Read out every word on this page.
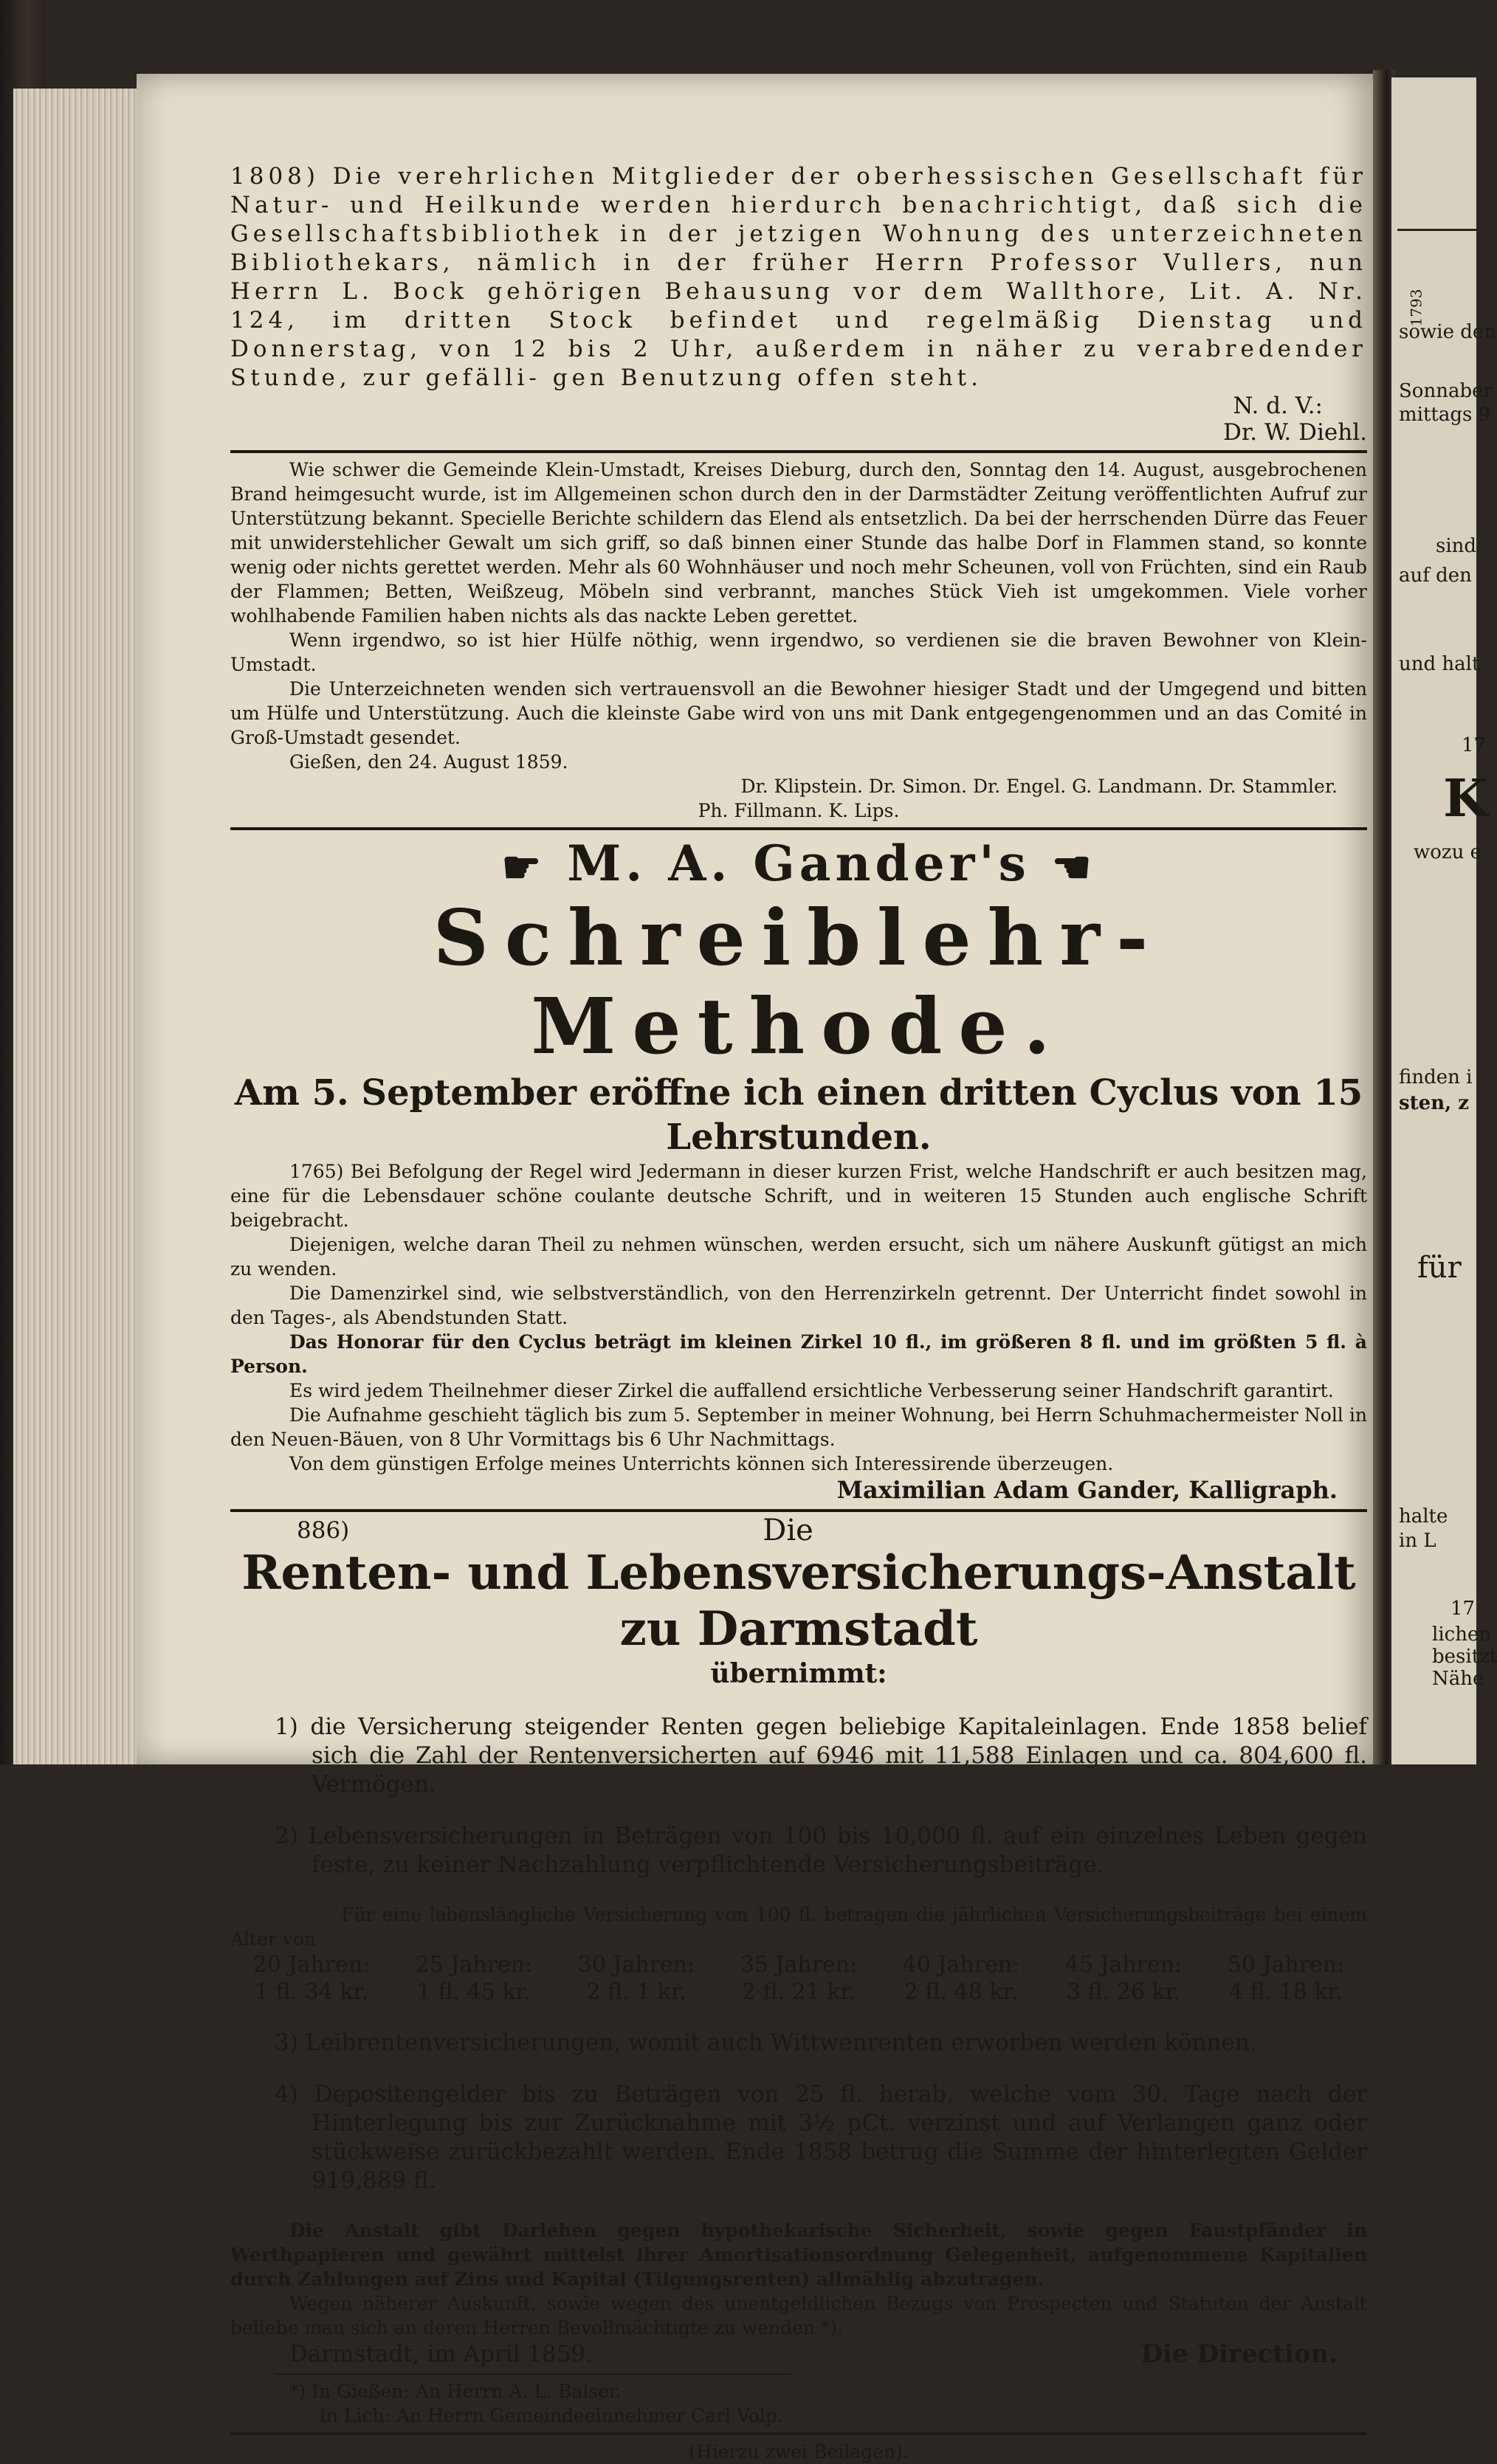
1793
sowie den
Sonnaber
mittags 9
sind
auf den
und halt
17
K
wozu e
finden i
sten, z
für
halte
in L
17
lichen
besitzt
Nähe

1808) Die verehrlichen Mitglieder der oberhessischen Gesellschaft für Natur- und Heilkunde werden hierdurch benachrichtigt, daß sich die Gesellschaftsbibliothek in der jetzigen Wohnung des unterzeichneten Bibliothekars, nämlich in der früher Herrn Professor Vullers, nun Herrn L. Bock gehörigen Behausung vor dem Wallthore, Lit. A. Nr. 124, im dritten Stock befindet und regelmäßig Dienstag und Donnerstag, von 12 bis 2 Uhr, außerdem in näher zu verabredender Stunde, zur gefälli- gen Benutzung offen steht.

N. d. V.:
Dr. W. Diehl.

Wie schwer die Gemeinde Klein-Umstadt, Kreises Dieburg, durch den, Sonntag den 14. August, ausgebrochenen Brand heimgesucht wurde, ist im Allgemeinen schon durch den in der Darmstädter Zeitung veröffentlichten Aufruf zur Unterstützung bekannt. Specielle Berichte schildern das Elend als entsetzlich. Da bei der herrschenden Dürre das Feuer mit unwiderstehlicher Gewalt um sich griff, so daß binnen einer Stunde das halbe Dorf in Flammen stand, so konnte wenig oder nichts gerettet werden. Mehr als 60 Wohnhäuser und noch mehr Scheunen, voll von Früchten, sind ein Raub der Flammen; Betten, Weißzeug, Möbeln sind verbrannt, manches Stück Vieh ist umgekommen. Viele vorher wohlhabende Familien haben nichts als das nackte Leben gerettet.

Wenn irgendwo, so ist hier Hülfe nöthig, wenn irgendwo, so verdienen sie die braven Bewohner von Klein-Umstadt.

Die Unterzeichneten wenden sich vertrauensvoll an die Bewohner hiesiger Stadt und der Umgegend und bitten um Hülfe und Unterstützung. Auch die kleinste Gabe wird von uns mit Dank entgegengenommen und an das Comité in Groß-Umstadt gesendet.

Gießen, den 24. August 1859.

Dr. Klipstein. Dr. Simon. Dr. Engel. G. Landmann. Dr. Stammler.

Ph. Fillmann. K. Lips.

☛ M. A. Gander's ☚
Schreiblehr-Methode.
Am 5. September eröffne ich einen dritten Cyclus von 15 Lehrstunden.

1765) Bei Befolgung der Regel wird Jedermann in dieser kurzen Frist, welche Handschrift er auch besitzen mag, eine für die Lebensdauer schöne coulante deutsche Schrift, und in weiteren 15 Stunden auch englische Schrift beigebracht.

Diejenigen, welche daran Theil zu nehmen wünschen, werden ersucht, sich um nähere Auskunft gütigst an mich zu wenden.

Die Damenzirkel sind, wie selbstverständlich, von den Herrenzirkeln getrennt. Der Unterricht findet sowohl in den Tages-, als Abendstunden Statt.

Das Honorar für den Cyclus beträgt im kleinen Zirkel 10 fl., im größeren 8 fl. und im größten 5 fl. à Person.

Es wird jedem Theilnehmer dieser Zirkel die auffallend ersichtliche Verbesserung seiner Handschrift garantirt.

Die Aufnahme geschieht täglich bis zum 5. September in meiner Wohnung, bei Herrn Schuhmachermeister Noll in den Neuen-Bäuen, von 8 Uhr Vormittags bis 6 Uhr Nachmittags.

Von dem günstigen Erfolge meines Unterrichts können sich Interessirende überzeugen.

Maximilian Adam Gander, Kalligraph.

886)	Die
Renten- und Lebensversicherungs-Anstalt zu Darmstadt
übernimmt:

1) die Versicherung steigender Renten gegen beliebige Kapitaleinlagen. Ende 1858 belief sich die Zahl der Rentenversicherten auf 6946 mit 11,588 Einlagen und ca. 804,600 fl. Vermögen.

2) Lebensversicherungen in Beträgen von 100 bis 10,000 fl. auf ein einzelnes Leben gegen feste, zu keiner Nachzahlung verpflichtende Versicherungsbeiträge.

Für eine lebenslängliche Versicherung von 100 fl. betragen die jährlichen Versicherungsbeiträge bei einem Alter von

20 Jahren:	25 Jahren:	30 Jahren:	35 Jahren:	40 Jahren:	45 Jahren:	50 Jahren:
1 fl. 34 kr.	1 fl. 45 kr.	2 fl. 1 kr.	2 fl. 21 kr.	2 fl. 48 kr.	3 fl. 26 kr.	4 fl. 18 kr.

3) Leibrentenversicherungen, womit auch Wittwenrenten erworben werden können.

4) Depositengelder bis zu Beträgen von 25 fl. herab, welche vom 30. Tage nach der Hinterlegung bis zur Zurücknahme mit 3½ pCt. verzinst und auf Verlangen ganz oder stückweise zurückbezahlt werden. Ende 1858 betrug die Summe der hinterlegten Gelder 919,889 fl.

Die Anstalt gibt Darlehen gegen hypothekarische Sicherheit, sowie gegen Faustpfänder in Werthpapieren und gewährt mittelst ihrer Amortisationsordnung Gelegenheit, aufgenommene Kapitalien durch Zahlungen auf Zins und Kapital (Tilgungsrenten) allmählig abzutragen.

Wegen näherer Auskunft, sowie wegen des unentgeldlichen Bezugs von Prospecten und Statuten der Anstalt beliebe man sich an deren Herren Bevollmächtigte zu wenden *).

Darmstadt, im April 1859.	Die Direction.

*) In Gießen: An Herrn A. L. Balser.

In Lich: An Herrn Gemeindeeinnehmer Carl Volp.

(Hierzu zwei Beilagen).
